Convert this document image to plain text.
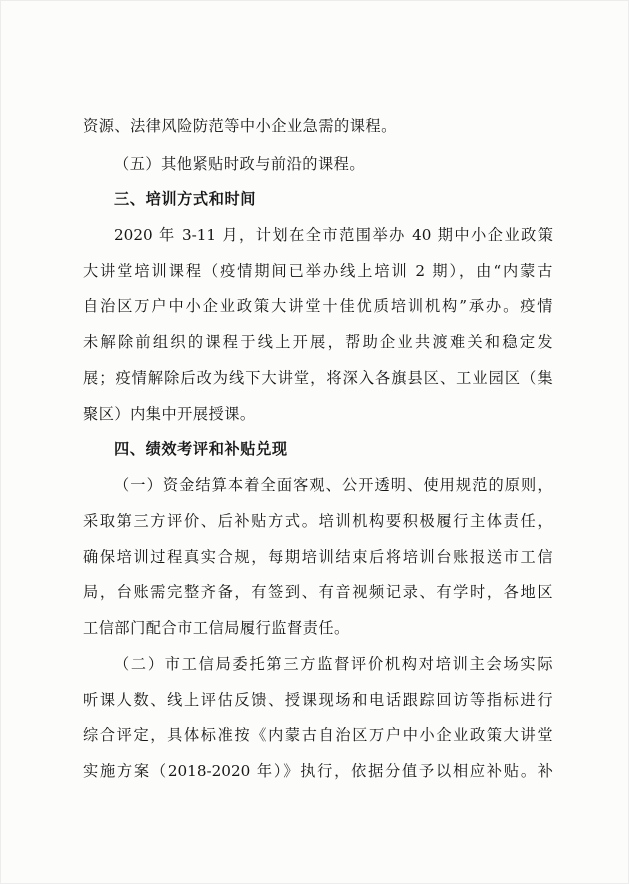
资源、法律风险防范等中小企业急需的课程。
（五）其他紧贴时政与前沿的课程。
三、培训方式和时间
2020 年 3-11 月，计划在全市范围举办 40 期中小企业政策
大讲堂培训课程（疫情期间已举办线上培训 2 期），由“内蒙古
自治区万户中小企业政策大讲堂十佳优质培训机构”承办。疫情
未解除前组织的课程于线上开展，帮助企业共渡难关和稳定发
展；疫情解除后改为线下大讲堂，将深入各旗县区、工业园区（集
聚区）内集中开展授课。
四、绩效考评和补贴兑现
（一）资金结算本着全面客观、公开透明、使用规范的原则，
采取第三方评价、后补贴方式。培训机构要积极履行主体责任，
确保培训过程真实合规，每期培训结束后将培训台账报送市工信
局，台账需完整齐备，有签到、有音视频记录、有学时，各地区
工信部门配合市工信局履行监督责任。
（二）市工信局委托第三方监督评价机构对培训主会场实际
听课人数、线上评估反馈、授课现场和电话跟踪回访等指标进行
综合评定，具体标准按《内蒙古自治区万户中小企业政策大讲堂
实施方案（2018-2020 年）》执行，依据分值予以相应补贴。补
